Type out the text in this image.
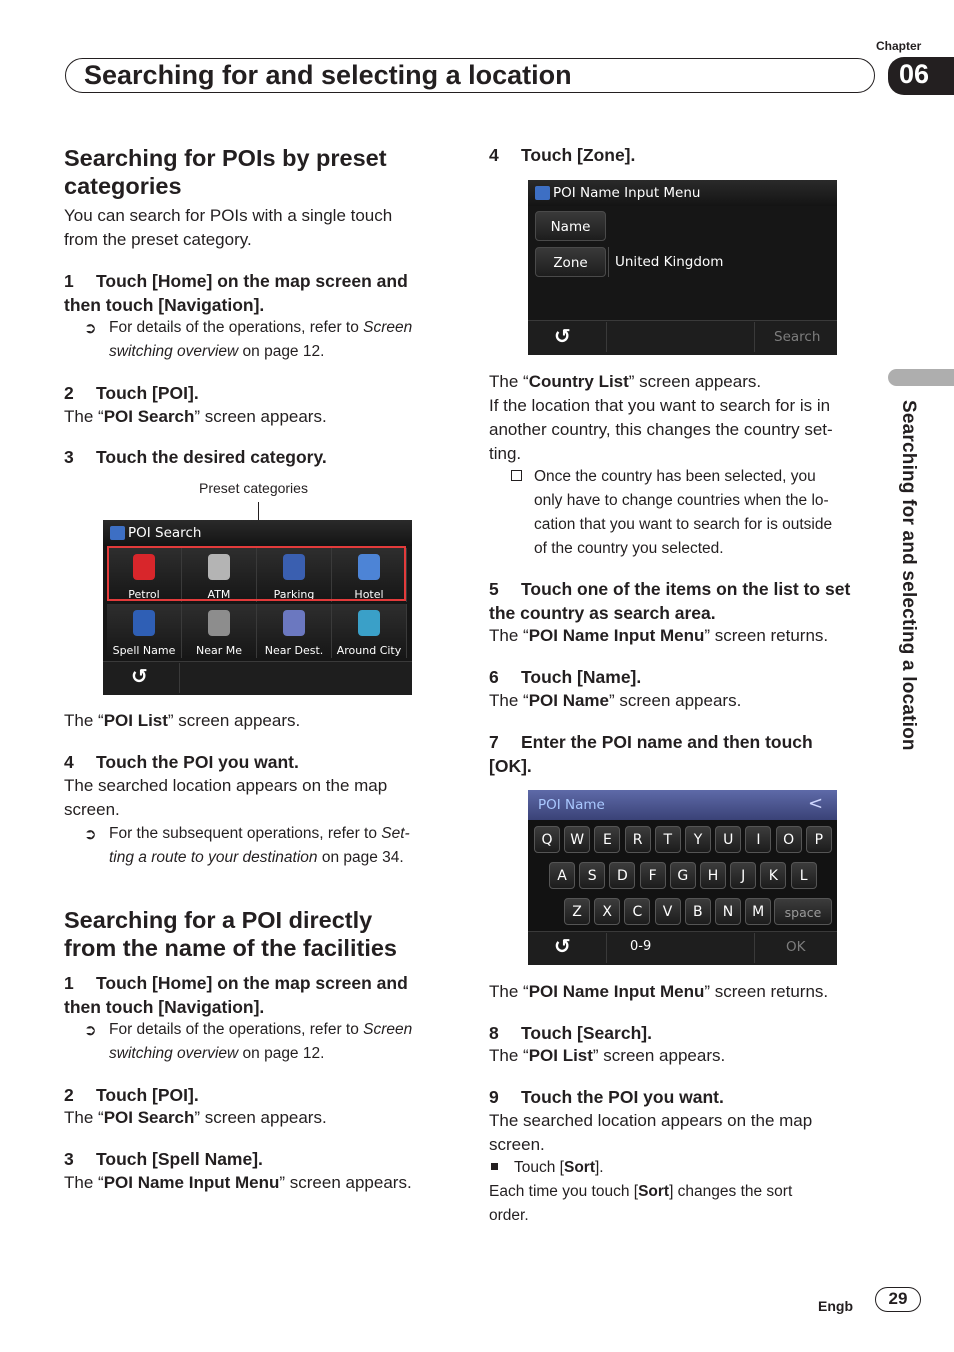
Chapter
Searching for and selecting a location	06
Searching for and selecting a location
Searching for POIs by preset
categories
You can search for POIs with a single touch
from the preset category.
1 Touch [Home] on the map screen and
then touch [Navigation].
➲ For details of the operations, refer to Screen
switching overview on page 12.
2 Touch [POI].
The “POI Search” screen appears.
3 Touch the desired category.
Preset categories
POI Search
Petrol	ATM	Parking	Hotel
Spell Name	Near Me	Near Dest.	Around City
↺
The “POI List” screen appears.
4 Touch the POI you want.
The searched location appears on the map
screen.
➲ For the subsequent operations, refer to Set-
ting a route to your destination on page 34.
Searching for a POI directly
from the name of the facilities
1 Touch [Home] on the map screen and
then touch [Navigation].
➲ For details of the operations, refer to Screen
switching overview on page 12.
2 Touch [POI].
The “POI Search” screen appears.
3 Touch [Spell Name].
The “POI Name Input Menu” screen appears.
4 Touch [Zone].
POI Name Input Menu
Name
Zone	United Kingdom
↺	Search
The “Country List” screen appears.
If the location that you want to search for is in
another country, this changes the country set-
ting.
Once the country has been selected, you
only have to change countries when the lo-
cation that you want to search for is outside
of the country you selected.
5 Touch one of the items on the list to set
the country as search area.
The “POI Name Input Menu” screen returns.
6 Touch [Name].
The “POI Name” screen appears.
7 Enter the POI name and then touch
[OK].
POI Name	<
Q	W	E	R	T	Y	U	I	O	P
A	S	D	F	G	H	J	K	L
Z	X	C	V	B	N	M	space
↺	0-9	OK
The “POI Name Input Menu” screen returns.
8 Touch [Search].
The “POI List” screen appears.
9 Touch the POI you want.
The searched location appears on the map
screen.
Touch [Sort].
Each time you touch [Sort] changes the sort
order.
Engb	29
